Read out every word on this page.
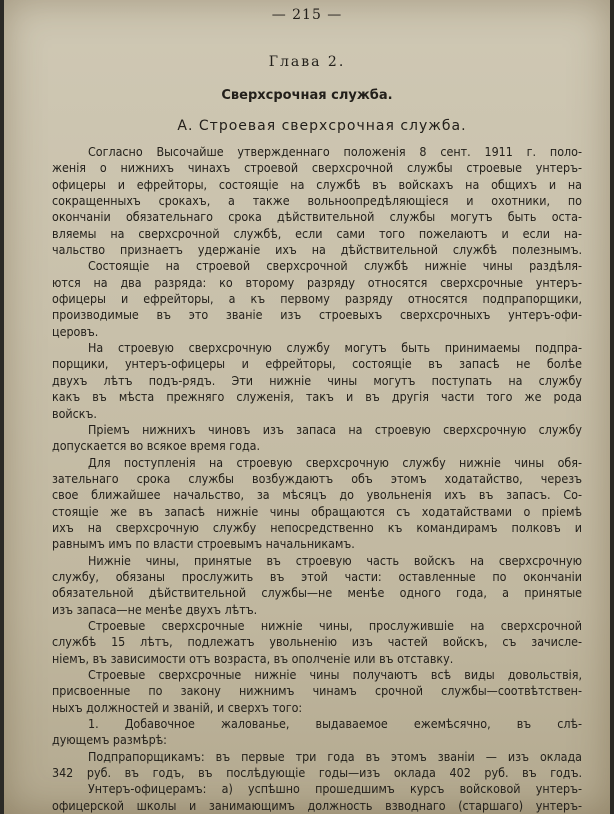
— 215 —
Глава 2.
Сверхсрочная служба.
А. Строевая сверхсрочная служба.
Согласно Высочайше утвержденнаго положенія 8 сент. 1911 г. поло-
женія о нижнихъ чинахъ строевой сверхсрочной службы строевые унтеръ-
офицеры и ефрейторы, состоящіе на службѣ въ войскахъ на общихъ и на
сокращенныхъ срокахъ, а также вольноопредѣляющіеся и охотники, по
окончаніи обязательнаго срока дѣйствительной службы могутъ быть оста-
вляемы на сверхсрочной службѣ, если сами того пожелаютъ и если на-
чальство признаетъ удержаніе ихъ на дѣйствительной службѣ полезнымъ.
Состоящіе на строевой сверхсрочной службѣ нижніе чины раздѣля-
ются на два разряда: ко второму разряду относятся сверхсрочные унтеръ-
офицеры и ефрейторы, а къ первому разряду относятся подпрапорщики,
производимые въ это званіе изъ строевыхъ сверхсрочныхъ унтеръ-офи-
церовъ.
На строевую сверхсрочную службу могутъ быть принимаемы подпра-
порщики, унтеръ-офицеры и ефрейторы, состоящіе въ запасѣ не болѣе
двухъ лѣтъ подъ-рядъ. Эти нижніе чины могутъ поступать на службу
какъ въ мѣста прежняго служенія, такъ и въ другія части того же рода
войскъ.
Пріемъ нижнихъ чиновъ изъ запаса на строевую сверхсрочную службу
допускается во всякое время года.
Для поступленія на строевую сверхсрочную службу нижніе чины обя-
зательнаго срока службы возбуждаютъ объ этомъ ходатайство, черезъ
свое ближайшее начальство, за мѣсяцъ до увольненія ихъ въ запасъ. Со-
стоящіе же въ запасѣ нижніе чины обращаются съ ходатайствами о пріемѣ
ихъ на сверхсрочную службу непосредственно къ командирамъ полковъ и
равнымъ имъ по власти строевымъ начальникамъ.
Нижніе чины, принятые въ строевую часть войскъ на сверхсрочную
службу, обязаны прослужить въ этой части: оставленные по окончаніи
обязательной дѣйствительной службы—не менѣе одного года, а принятые
изъ запаса—не менѣе двухъ лѣтъ.
Строевые сверхсрочные нижніе чины, прослужившіе на сверхсрочной
службѣ 15 лѣтъ, подлежатъ увольненію изъ частей войскъ, съ зачисле-
ніемъ, въ зависимости отъ возраста, въ ополченіе или въ отставку.
Строевые сверхсрочные нижніе чины получаютъ всѣ виды довольствія,
присвоенные по закону нижнимъ чинамъ срочной службы—соотвѣтствен-
ныхъ должностей и званій, и сверхъ того:
1. Добавочное жалованье, выдаваемое ежемѣсячно, въ слѣ-
дующемъ размѣрѣ:
Подпрапорщикамъ: въ первые три года въ этомъ званіи — изъ оклада
342 руб. въ годъ, въ послѣдующіе годы—изъ оклада 402 руб. въ годъ.
Унтеръ-офицерамъ: а) успѣшно прошедшимъ курсъ войсковой унтеръ-
офицерской школы и занимающимъ должность взводнаго (старшаго) унтеръ-
